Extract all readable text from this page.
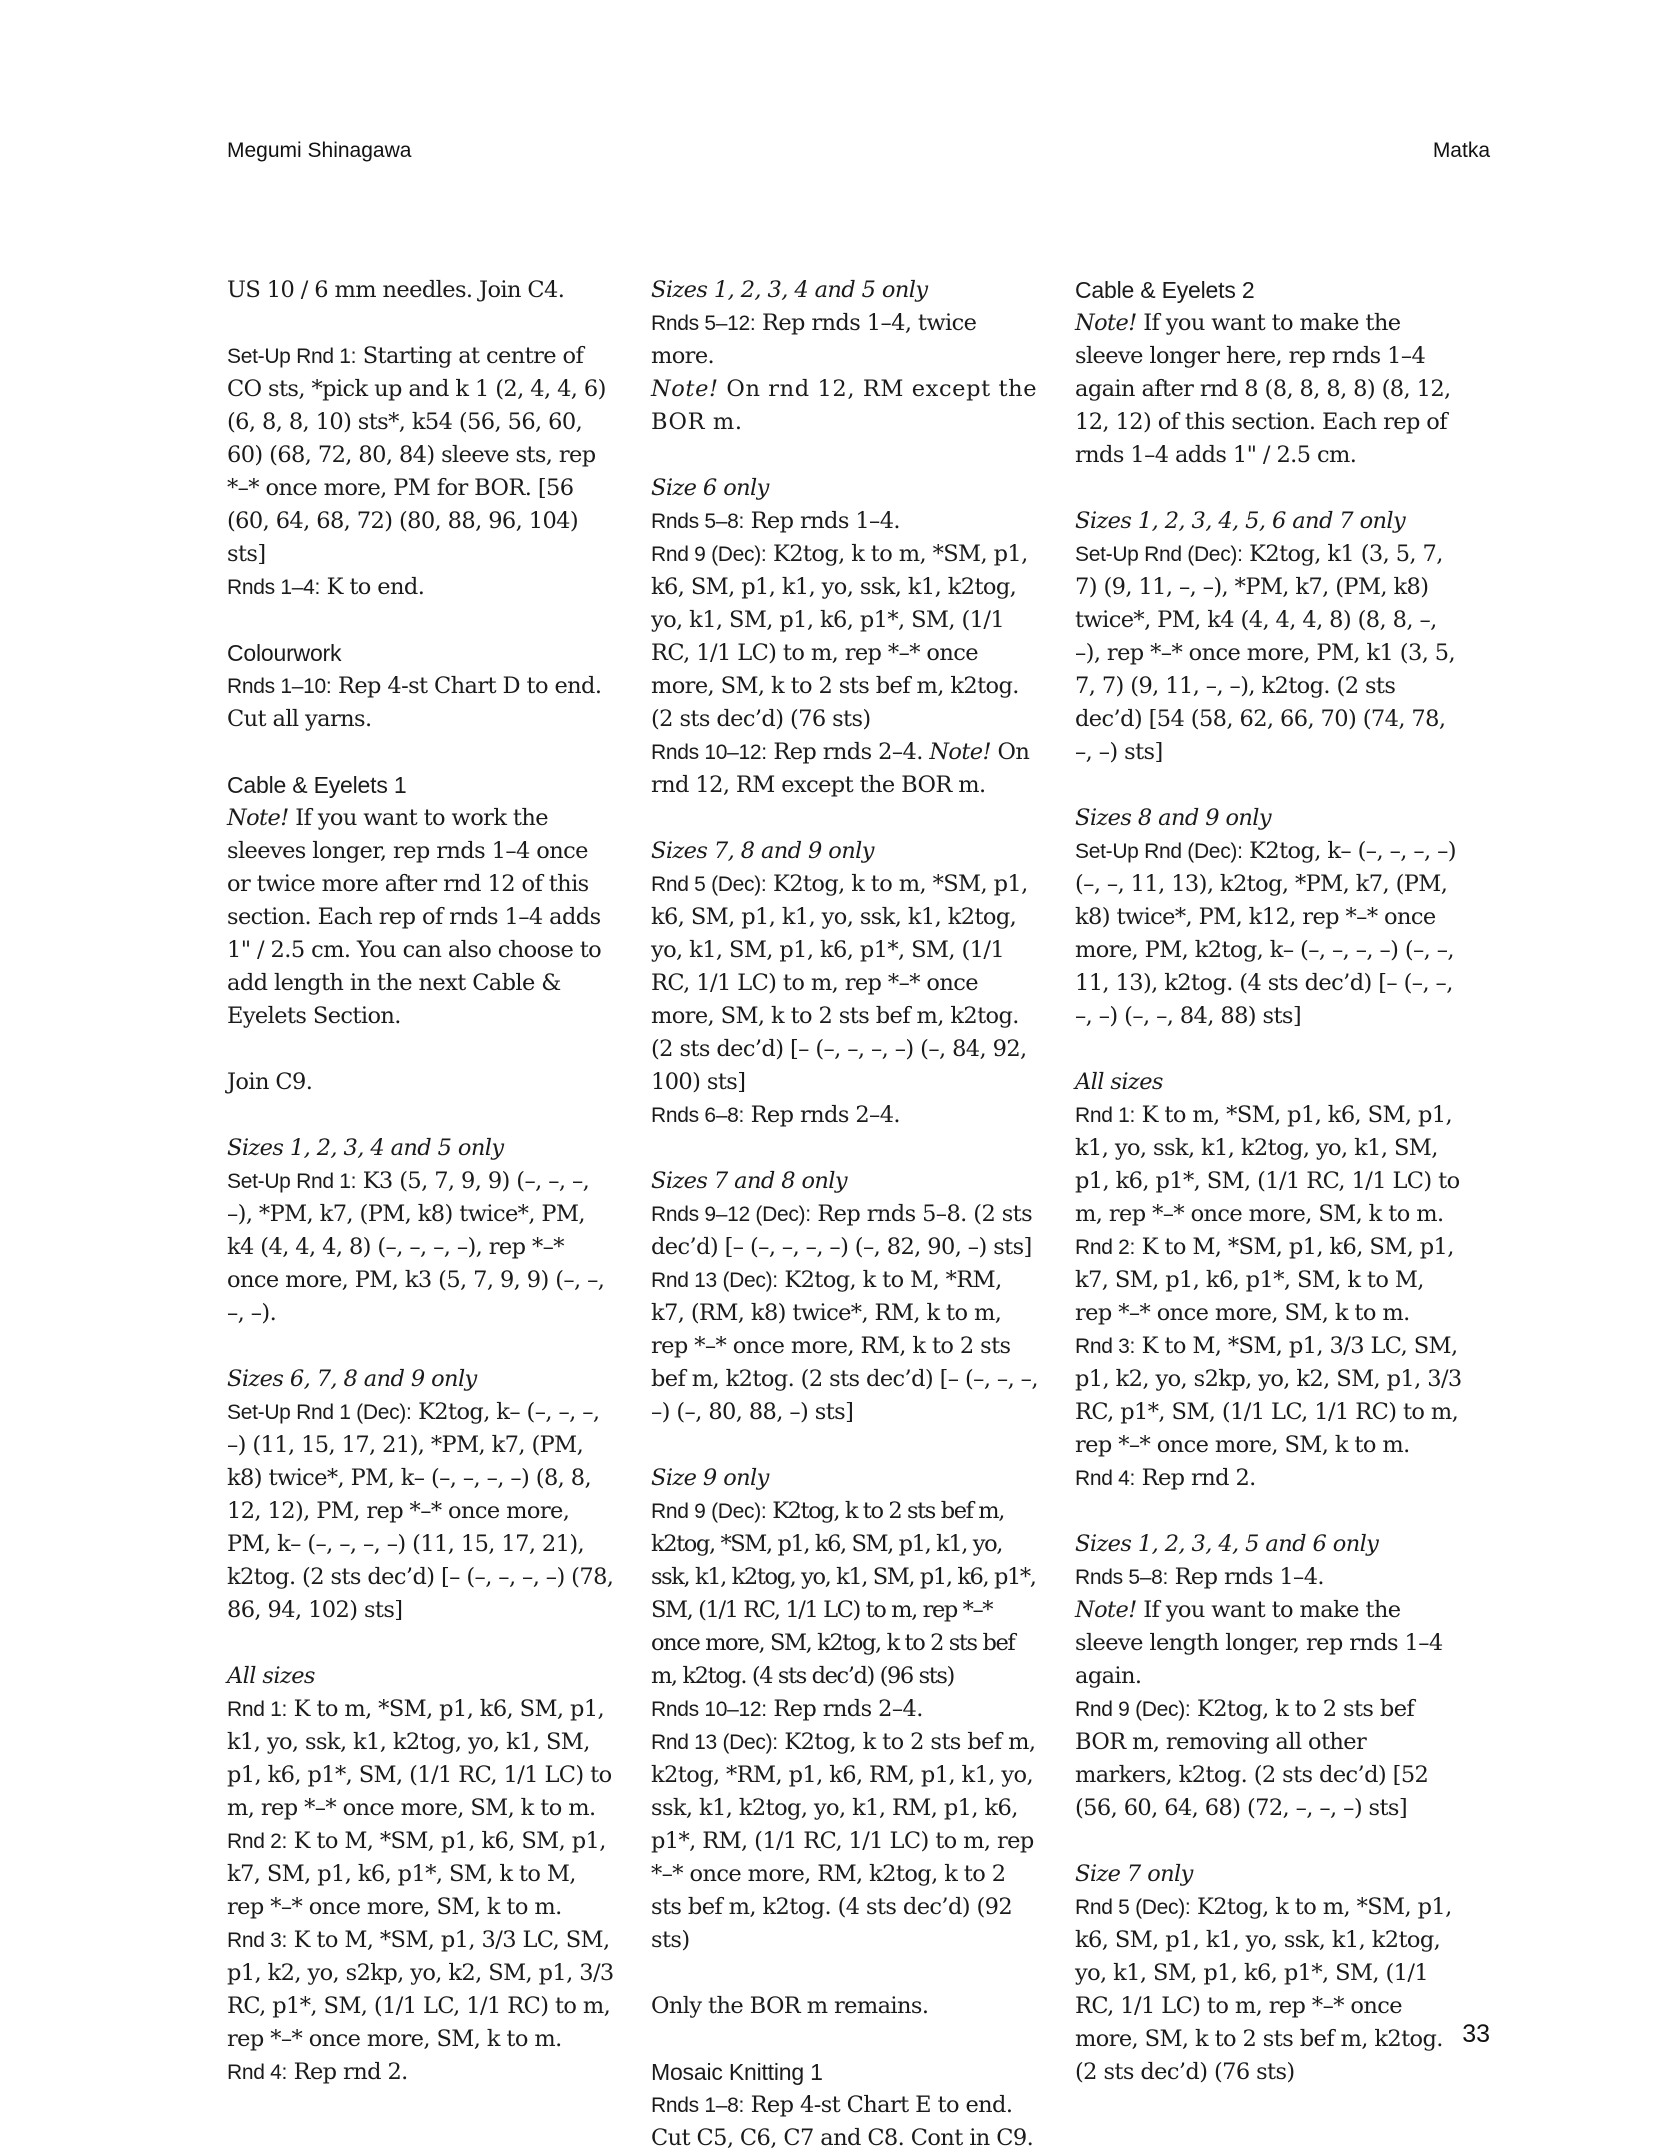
Megumi Shinagawa	Matka

US 10 / 6 mm needles. Join C4.

Set-Up Rnd 1: Starting at centre of CO sts, *pick up and k 1 (2, 4, 4, 6) (6, 8, 8, 10) sts*, k54 (56, 56, 60, 60) (68, 72, 80, 84) sleeve sts, rep *–* once more, PM for BOR. [56 (60, 64, 68, 72) (80, 88, 96, 104) sts]
Rnds 1–4: K to end.

Colourwork
Rnds 1–10: Rep 4-st Chart D to end. Cut all yarns.

Cable & Eyelets 1
Note! If you want to work the sleeves longer, rep rnds 1–4 once or twice more after rnd 12 of this section. Each rep of rnds 1–4 adds 1" / 2.5 cm. You can also choose to add length in the next Cable & Eyelets Section.

Join C9.

Sizes 1, 2, 3, 4 and 5 only
Set-Up Rnd 1: K3 (5, 7, 9, 9) (–, –, –, –), *PM, k7, (PM, k8) twice*, PM, k4 (4, 4, 4, 8) (–, –, –, –), rep *–* once more, PM, k3 (5, 7, 9, 9) (–, –, –, –).

Sizes 6, 7, 8 and 9 only
Set-Up Rnd 1 (Dec): K2tog, k– (–, –, –, –) (11, 15, 17, 21), *PM, k7, (PM, k8) twice*, PM, k– (–, –, –, –) (8, 8, 12, 12), PM, rep *–* once more, PM, k– (–, –, –, –) (11, 15, 17, 21), k2tog. (2 sts dec’d) [– (–, –, –, –) (78, 86, 94, 102) sts]

All sizes
Rnd 1: K to m, *SM, p1, k6, SM, p1, k1, yo, ssk, k1, k2tog, yo, k1, SM, p1, k6, p1*, SM, (1/1 RC, 1/1 LC) to m, rep *–* once more, SM, k to m.
Rnd 2: K to M, *SM, p1, k6, SM, p1, k7, SM, p1, k6, p1*, SM, k to M, rep *–* once more, SM, k to m.
Rnd 3: K to M, *SM, p1, 3/3 LC, SM, p1, k2, yo, s2kp, yo, k2, SM, p1, 3/3 RC, p1*, SM, (1/1 LC, 1/1 RC) to m, rep *–* once more, SM, k to m.
Rnd 4: Rep rnd 2.

Sizes 1, 2, 3, 4 and 5 only
Rnds 5–12: Rep rnds 1–4, twice more.
Note! On rnd 12, RM except the BOR m.

Size 6 only
Rnds 5–8: Rep rnds 1–4.
Rnd 9 (Dec): K2tog, k to m, *SM, p1, k6, SM, p1, k1, yo, ssk, k1, k2tog, yo, k1, SM, p1, k6, p1*, SM, (1/1 RC, 1/1 LC) to m, rep *–* once more, SM, k to 2 sts bef m, k2tog. (2 sts dec’d) (76 sts)
Rnds 10–12: Rep rnds 2–4. Note! On rnd 12, RM except the BOR m.

Sizes 7, 8 and 9 only
Rnd 5 (Dec): K2tog, k to m, *SM, p1, k6, SM, p1, k1, yo, ssk, k1, k2tog, yo, k1, SM, p1, k6, p1*, SM, (1/1 RC, 1/1 LC) to m, rep *–* once more, SM, k to 2 sts bef m, k2tog. (2 sts dec’d) [– (–, –, –, –) (–, 84, 92, 100) sts]
Rnds 6–8: Rep rnds 2–4.

Sizes 7 and 8 only
Rnds 9–12 (Dec): Rep rnds 5–8. (2 sts dec’d) [– (–, –, –, –) (–, 82, 90, –) sts]
Rnd 13 (Dec): K2tog, k to M, *RM, k7, (RM, k8) twice*, RM, k to m, rep *–* once more, RM, k to 2 sts bef m, k2tog. (2 sts dec’d) [– (–, –, –, –) (–, 80, 88, –) sts]

Size 9 only
Rnd 9 (Dec): K2tog, k to 2 sts bef m, k2tog, *SM, p1, k6, SM, p1, k1, yo, ssk, k1, k2tog, yo, k1, SM, p1, k6, p1*, SM, (1/1 RC, 1/1 LC) to m, rep *–* once more, SM, k2tog, k to 2 sts bef m, k2tog. (4 sts dec’d) (96 sts)
Rnds 10–12: Rep rnds 2–4.
Rnd 13 (Dec): K2tog, k to 2 sts bef m, k2tog, *RM, p1, k6, RM, p1, k1, yo, ssk, k1, k2tog, yo, k1, RM, p1, k6, p1*, RM, (1/1 RC, 1/1 LC) to m, rep *–* once more, RM, k2tog, k to 2 sts bef m, k2tog. (4 sts dec’d) (92 sts)

Only the BOR m remains.

Mosaic Knitting 1
Rnds 1–8: Rep 4-st Chart E to end. Cut C5, C6, C7 and C8. Cont in C9.

Cable & Eyelets 2
Note! If you want to make the sleeve longer here, rep rnds 1–4 again after rnd 8 (8, 8, 8, 8) (8, 12, 12, 12) of this section. Each rep of rnds 1–4 adds 1" / 2.5 cm.

Sizes 1, 2, 3, 4, 5, 6 and 7 only
Set-Up Rnd (Dec): K2tog, k1 (3, 5, 7, 7) (9, 11, –, –), *PM, k7, (PM, k8) twice*, PM, k4 (4, 4, 4, 8) (8, 8, –, –), rep *–* once more, PM, k1 (3, 5, 7, 7) (9, 11, –, –), k2tog. (2 sts dec’d) [54 (58, 62, 66, 70) (74, 78, –, –) sts]

Sizes 8 and 9 only
Set-Up Rnd (Dec): K2tog, k– (–, –, –, –) (–, –, 11, 13), k2tog, *PM, k7, (PM, k8) twice*, PM, k12, rep *–* once more, PM, k2tog, k– (–, –, –, –) (–, –, 11, 13), k2tog. (4 sts dec’d) [– (–, –, –, –) (–, –, 84, 88) sts]

All sizes
Rnd 1: K to m, *SM, p1, k6, SM, p1, k1, yo, ssk, k1, k2tog, yo, k1, SM, p1, k6, p1*, SM, (1/1 RC, 1/1 LC) to m, rep *–* once more, SM, k to m.
Rnd 2: K to M, *SM, p1, k6, SM, p1, k7, SM, p1, k6, p1*, SM, k to M, rep *–* once more, SM, k to m.
Rnd 3: K to M, *SM, p1, 3/3 LC, SM, p1, k2, yo, s2kp, yo, k2, SM, p1, 3/3 RC, p1*, SM, (1/1 LC, 1/1 RC) to m, rep *–* once more, SM, k to m.
Rnd 4: Rep rnd 2.

Sizes 1, 2, 3, 4, 5 and 6 only
Rnds 5–8: Rep rnds 1–4.
Note! If you want to make the sleeve length longer, rep rnds 1–4 again.
Rnd 9 (Dec): K2tog, k to 2 sts bef BOR m, removing all other markers, k2tog. (2 sts dec’d) [52 (56, 60, 64, 68) (72, –, –, –) sts]

Size 7 only
Rnd 5 (Dec): K2tog, k to m, *SM, p1, k6, SM, p1, k1, yo, ssk, k1, k2tog, yo, k1, SM, p1, k6, p1*, SM, (1/1 RC, 1/1 LC) to m, rep *–* once more, SM, k to 2 sts bef m, k2tog. (2 sts dec’d) (76 sts)

33
